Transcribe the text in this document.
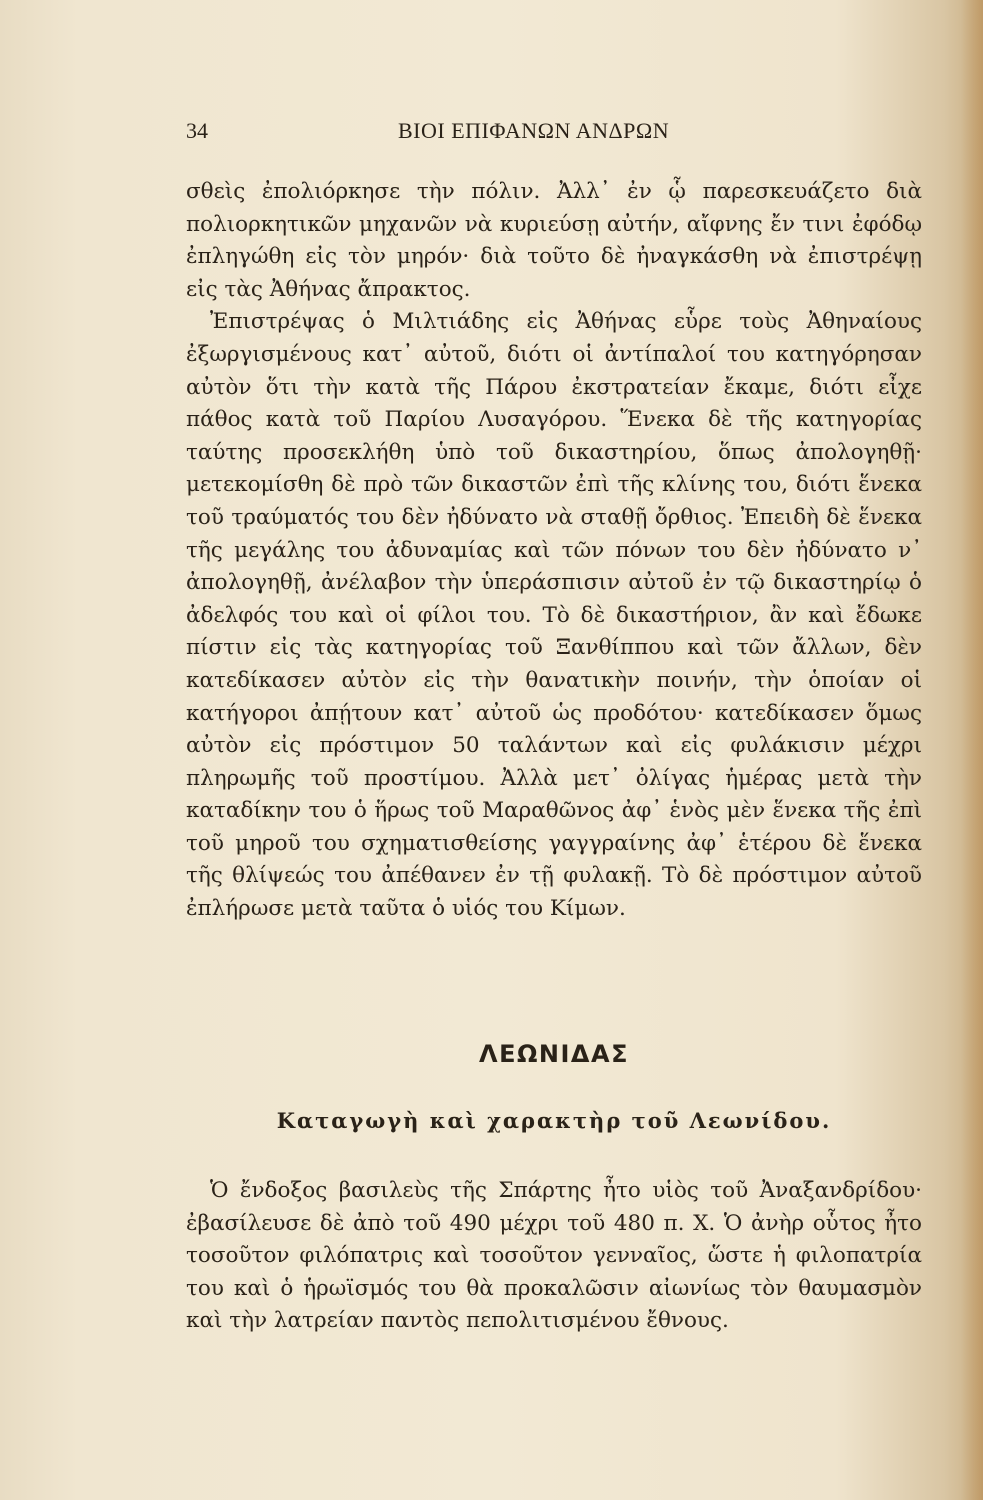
34	ΒΙΟΙ ΕΠΙΦΑΝΩΝ ΑΝΔΡΩΝ

σθεὶς ἐπολιόρκησε τὴν πόλιν. Ἀλλ᾽ ἐν ᾧ παρεσκευάζετο διὰ πολιορκητικῶν μηχανῶν νὰ κυριεύσῃ αὐτήν, αἴφνης ἔν τινι ἐφόδῳ ἐπληγώθη εἰς τὸν μηρόν· διὰ τοῦτο δὲ ἠναγκάσθη νὰ ἐπιστρέψῃ εἰς τὰς Ἀθήνας ἄπρακτος.

Ἐπιστρέψας ὁ Μιλτιάδης εἰς Ἀθήνας εὗρε τοὺς Ἀθηναίους ἐξωργισμένους κατ᾽ αὐτοῦ, διότι οἱ ἀντίπαλοί του κατηγόρησαν αὐτὸν ὅτι τὴν κατὰ τῆς Πάρου ἐκστρατείαν ἔκαμε, διότι εἶχε πάθος κατὰ τοῦ Παρίου Λυσαγόρου. Ἕνεκα δὲ τῆς κατηγορίας ταύτης προσεκλήθη ὑπὸ τοῦ δικαστηρίου, ὅπως ἀπολογηθῇ· μετεκομίσθη δὲ πρὸ τῶν δικαστῶν ἐπὶ τῆς κλίνης του, διότι ἕνεκα τοῦ τραύματός του δὲν ἠδύνατο νὰ σταθῇ ὄρθιος. Ἐπειδὴ δὲ ἕνεκα τῆς μεγάλης του ἀδυναμίας καὶ τῶν πόνων του δὲν ἠδύνατο ν᾽ ἀπολογηθῇ, ἀνέλαβον τὴν ὑπεράσπισιν αὐτοῦ ἐν τῷ δικαστηρίῳ ὁ ἀδελφός του καὶ οἱ φίλοι του. Τὸ δὲ δικαστήριον, ἂν καὶ ἔδωκε πίστιν εἰς τὰς κατηγορίας τοῦ Ξανθίππου καὶ τῶν ἄλλων, δὲν κατεδίκασεν αὐτὸν εἰς τὴν θανατικὴν ποινήν, τὴν ὁποίαν οἱ κατήγοροι ἀπῄτουν κατ᾽ αὐτοῦ ὡς προδότου· κατεδίκασεν ὅμως αὐτὸν εἰς πρόστιμον 50 ταλάντων καὶ εἰς φυλάκισιν μέχρι πληρωμῆς τοῦ προστίμου. Ἀλλὰ μετ᾽ ὀλίγας ἡμέρας μετὰ τὴν καταδίκην του ὁ ἥρως τοῦ Μαραθῶνος ἀφ᾽ ἑνὸς μὲν ἕνεκα τῆς ἐπὶ τοῦ μηροῦ του σχηματισθείσης γαγγραίνης ἀφ᾽ ἑτέρου δὲ ἕνεκα τῆς θλίψεώς του ἀπέθανεν ἐν τῇ φυλακῇ. Τὸ δὲ πρόστιμον αὐτοῦ ἐπλήρωσε μετὰ ταῦτα ὁ υἱός του Κίμων.

ΛΕΩΝΙΔΑΣ
Καταγωγὴ καὶ χαρακτὴρ τοῦ Λεωνίδου.

Ὁ ἔνδοξος βασιλεὺς τῆς Σπάρτης ἦτο υἱὸς τοῦ Ἀναξανδρίδου· ἐβασίλευσε δὲ ἀπὸ τοῦ 490 μέχρι τοῦ 480 π. Χ. Ὁ ἀνὴρ οὗτος ἦτο τοσοῦτον φιλόπατρις καὶ τοσοῦτον γενναῖος, ὥστε ἡ φιλοπατρία του καὶ ὁ ἡρωϊσμός του θὰ προκαλῶσιν αἰωνίως τὸν θαυμασμὸν καὶ τὴν λατρείαν παντὸς πεπολιτισμένου ἔθνους.
